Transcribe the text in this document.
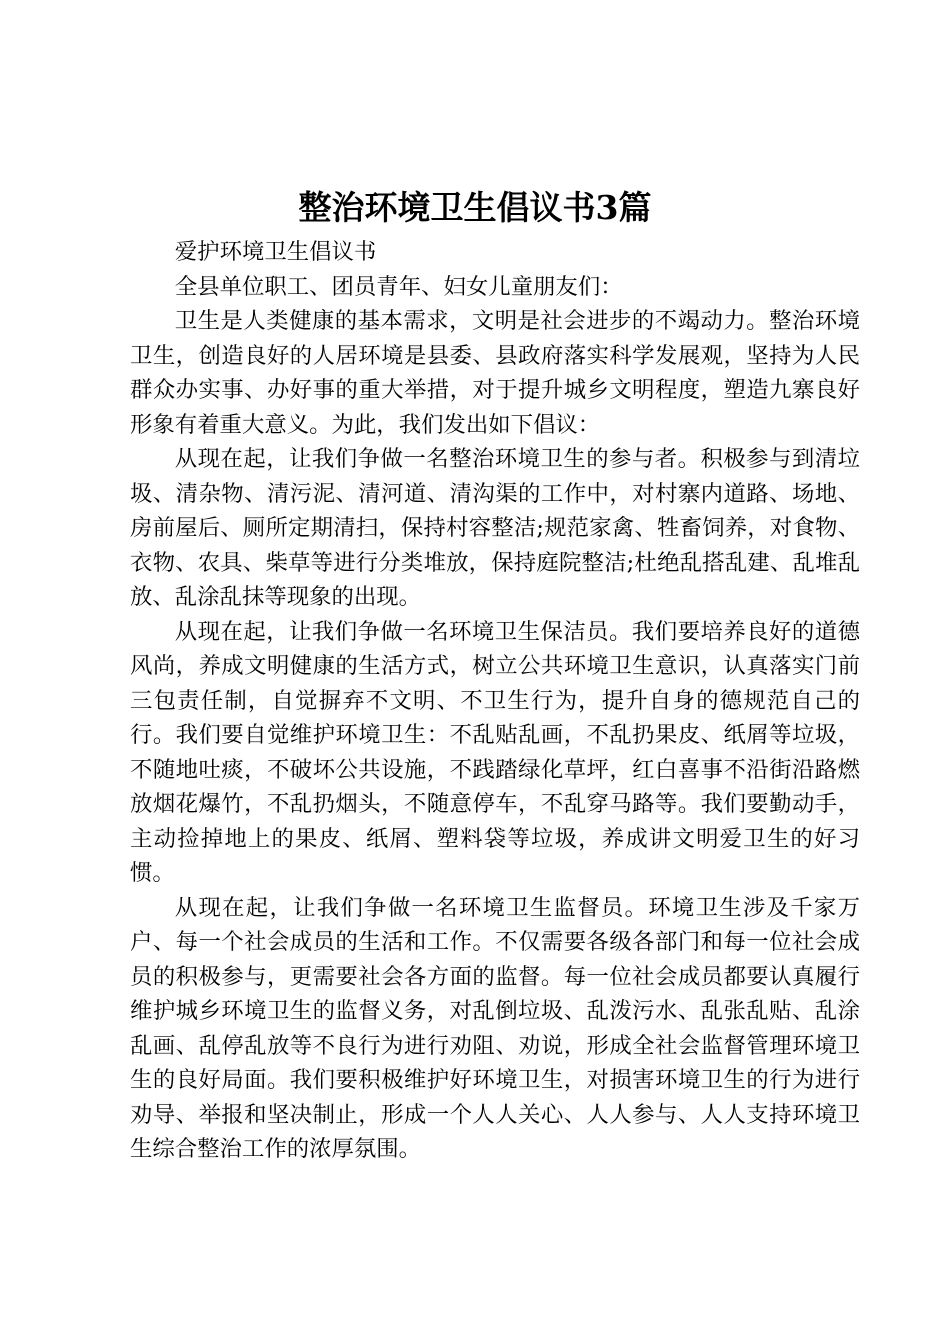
整治环境卫生倡议书3篇

爱护环境卫生倡议书

全县单位职工、团员青年、妇女儿童朋友们：

卫生是人类健康的基本需求，文明是社会进步的不竭动力。整治环境卫生，创造良好的人居环境是县委、县政府落实科学发展观，坚持为人民群众办实事、办好事的重大举措，对于提升城乡文明程度，塑造九寨良好形象有着重大意义。为此，我们发出如下倡议：

从现在起，让我们争做一名整治环境卫生的参与者。积极参与到清垃圾、清杂物、清污泥、清河道、清沟渠的工作中，对村寨内道路、场地、房前屋后、厕所定期清扫，保持村容整洁;规范家禽、牲畜饲养，对食物、衣物、农具、柴草等进行分类堆放，保持庭院整洁;杜绝乱搭乱建、乱堆乱放、乱涂乱抹等现象的出现。

从现在起，让我们争做一名环境卫生保洁员。我们要培养良好的道德风尚，养成文明健康的生活方式，树立公共环境卫生意识，认真落实门前三包责任制，自觉摒弃不文明、不卫生行为，提升自身的德规范自己的行。我们要自觉维护环境卫生：不乱贴乱画，不乱扔果皮、纸屑等垃圾，不随地吐痰，不破坏公共设施，不践踏绿化草坪，红白喜事不沿街沿路燃放烟花爆竹，不乱扔烟头，不随意停车，不乱穿马路等。我们要勤动手，主动捡掉地上的果皮、纸屑、塑料袋等垃圾，养成讲文明爱卫生的好习惯。

从现在起，让我们争做一名环境卫生监督员。环境卫生涉及千家万户、每一个社会成员的生活和工作。不仅需要各级各部门和每一位社会成员的积极参与，更需要社会各方面的监督。每一位社会成员都要认真履行维护城乡环境卫生的监督义务，对乱倒垃圾、乱泼污水、乱张乱贴、乱涂乱画、乱停乱放等不良行为进行劝阻、劝说，形成全社会监督管理环境卫生的良好局面。我们要积极维护好环境卫生，对损害环境卫生的行为进行劝导、举报和坚决制止，形成一个人人关心、人人参与、人人支持环境卫生综合整治工作的浓厚氛围。
